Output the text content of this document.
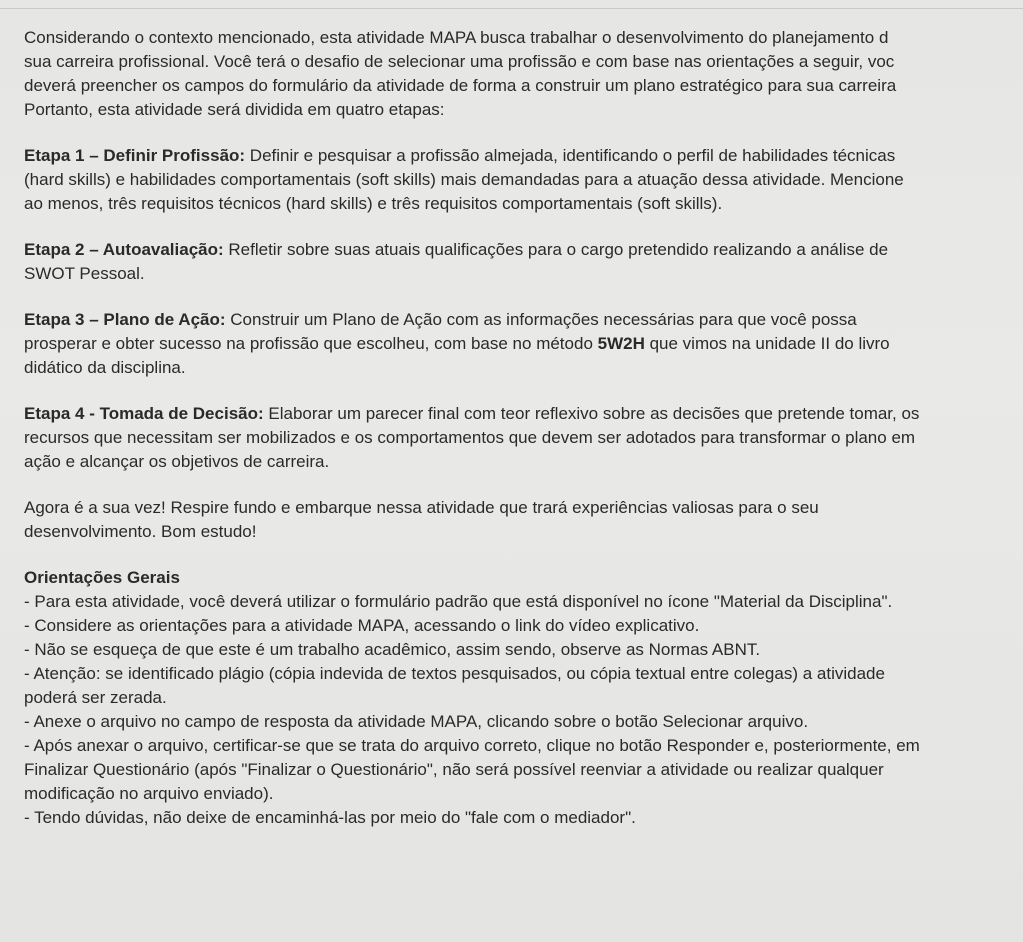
Considerando o contexto mencionado, esta atividade MAPA busca trabalhar o desenvolvimento do planejamento d
sua carreira profissional. Você terá o desafio de selecionar uma profissão e com base nas orientações a seguir, voc
deverá preencher os campos do formulário da atividade de forma a construir um plano estratégico para sua carreira
Portanto, esta atividade será dividida em quatro etapas:
Etapa 1 – Definir Profissão: Definir e pesquisar a profissão almejada, identificando o perfil de habilidades técnicas
(hard skills) e habilidades comportamentais (soft skills) mais demandadas para a atuação dessa atividade. Mencione
ao menos, três requisitos técnicos (hard skills) e três requisitos comportamentais (soft skills).
Etapa 2 – Autoavaliação: Refletir sobre suas atuais qualificações para o cargo pretendido realizando a análise de
SWOT Pessoal.
Etapa 3 – Plano de Ação: Construir um Plano de Ação com as informações necessárias para que você possa
prosperar e obter sucesso na profissão que escolheu, com base no método 5W2H que vimos na unidade II do livro
didático da disciplina.
Etapa 4 - Tomada de Decisão: Elaborar um parecer final com teor reflexivo sobre as decisões que pretende tomar, os
recursos que necessitam ser mobilizados e os comportamentos que devem ser adotados para transformar o plano em
ação e alcançar os objetivos de carreira.
Agora é a sua vez! Respire fundo e embarque nessa atividade que trará experiências valiosas para o seu
desenvolvimento. Bom estudo!
Orientações Gerais
- Para esta atividade, você deverá utilizar o formulário padrão que está disponível no ícone "Material da Disciplina".
- Considere as orientações para a atividade MAPA, acessando o link do vídeo explicativo.
- Não se esqueça de que este é um trabalho acadêmico, assim sendo, observe as Normas ABNT.
- Atenção: se identificado plágio (cópia indevida de textos pesquisados, ou cópia textual entre colegas) a atividade
poderá ser zerada.
- Anexe o arquivo no campo de resposta da atividade MAPA, clicando sobre o botão Selecionar arquivo.
- Após anexar o arquivo, certificar-se que se trata do arquivo correto, clique no botão Responder e, posteriormente, em
Finalizar Questionário (após "Finalizar o Questionário", não será possível reenviar a atividade ou realizar qualquer
modificação no arquivo enviado).
- Tendo dúvidas, não deixe de encaminhá-las por meio do "fale com o mediador".
